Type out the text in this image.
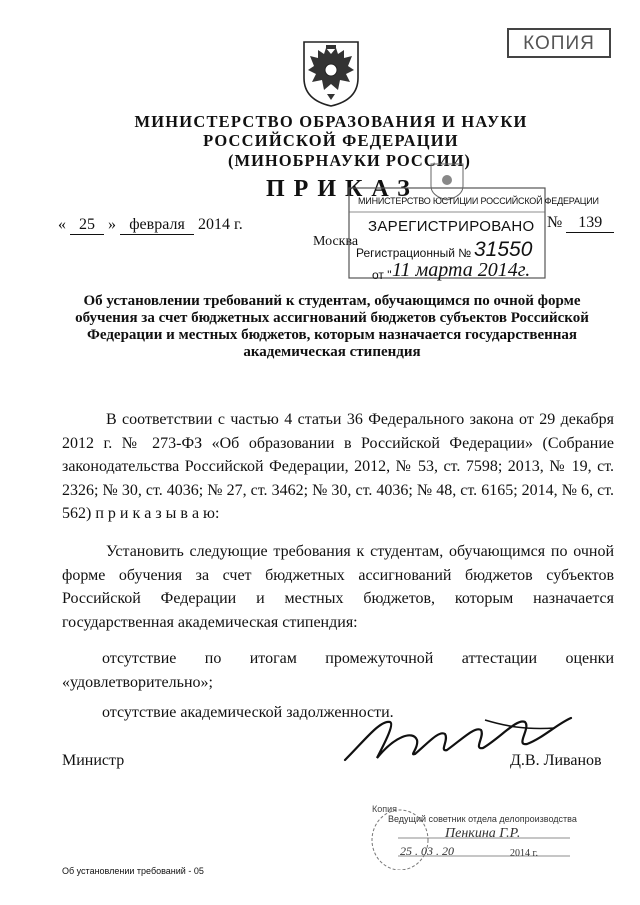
КОПИЯ
МИНИСТЕРСТВО ОБРАЗОВАНИЯ И НАУКИ
РОССИЙСКОЙ ФЕДЕРАЦИИ
(МИНОБРНАУКИ РОССИИ)
ПРИКАЗ
« 25 » февраля 2014 г.
Москва
№ 139
МИНИСТЕРСТВО ЮСТИЦИИ РОССИЙСКОЙ ФЕДЕРАЦИИ
ЗАРЕГИСТРИРОВАНО
Регистрационный № 31550
от " 11 марта 2014г.
Об установлении требований к студентам, обучающимся по очной форме обучения за счет бюджетных ассигнований бюджетов субъектов Российской Федерации и местных бюджетов, которым назначается государственная академическая стипендия
В соответствии с частью 4 статьи 36 Федерального закона от 29 декабря 2012 г. № 273-ФЗ «Об образовании в Российской Федерации» (Собрание законодательства Российской Федерации, 2012, № 53, ст. 7598; 2013, № 19, ст. 2326; № 30, ст. 4036; № 27, ст. 3462; № 30, ст. 4036; № 48, ст. 6165; 2014, № 6, ст. 562) п р и к а з ы в а ю:
Установить следующие требования к студентам, обучающимся по очной форме обучения за счет бюджетных ассигнований бюджетов субъектов Российской Федерации и местных бюджетов, которым назначается государственная академическая стипендия:
отсутствие по итогам промежуточной аттестации оценки «удовлетворительно»;
отсутствие академической задолженности.
Министр	Д.В. Ливанов
Копия
Ведущий советник отдела делопроизводства
Пенкина Г.Р.
25 . 03 . 20	2014 г.
Об установлении требований - 05
